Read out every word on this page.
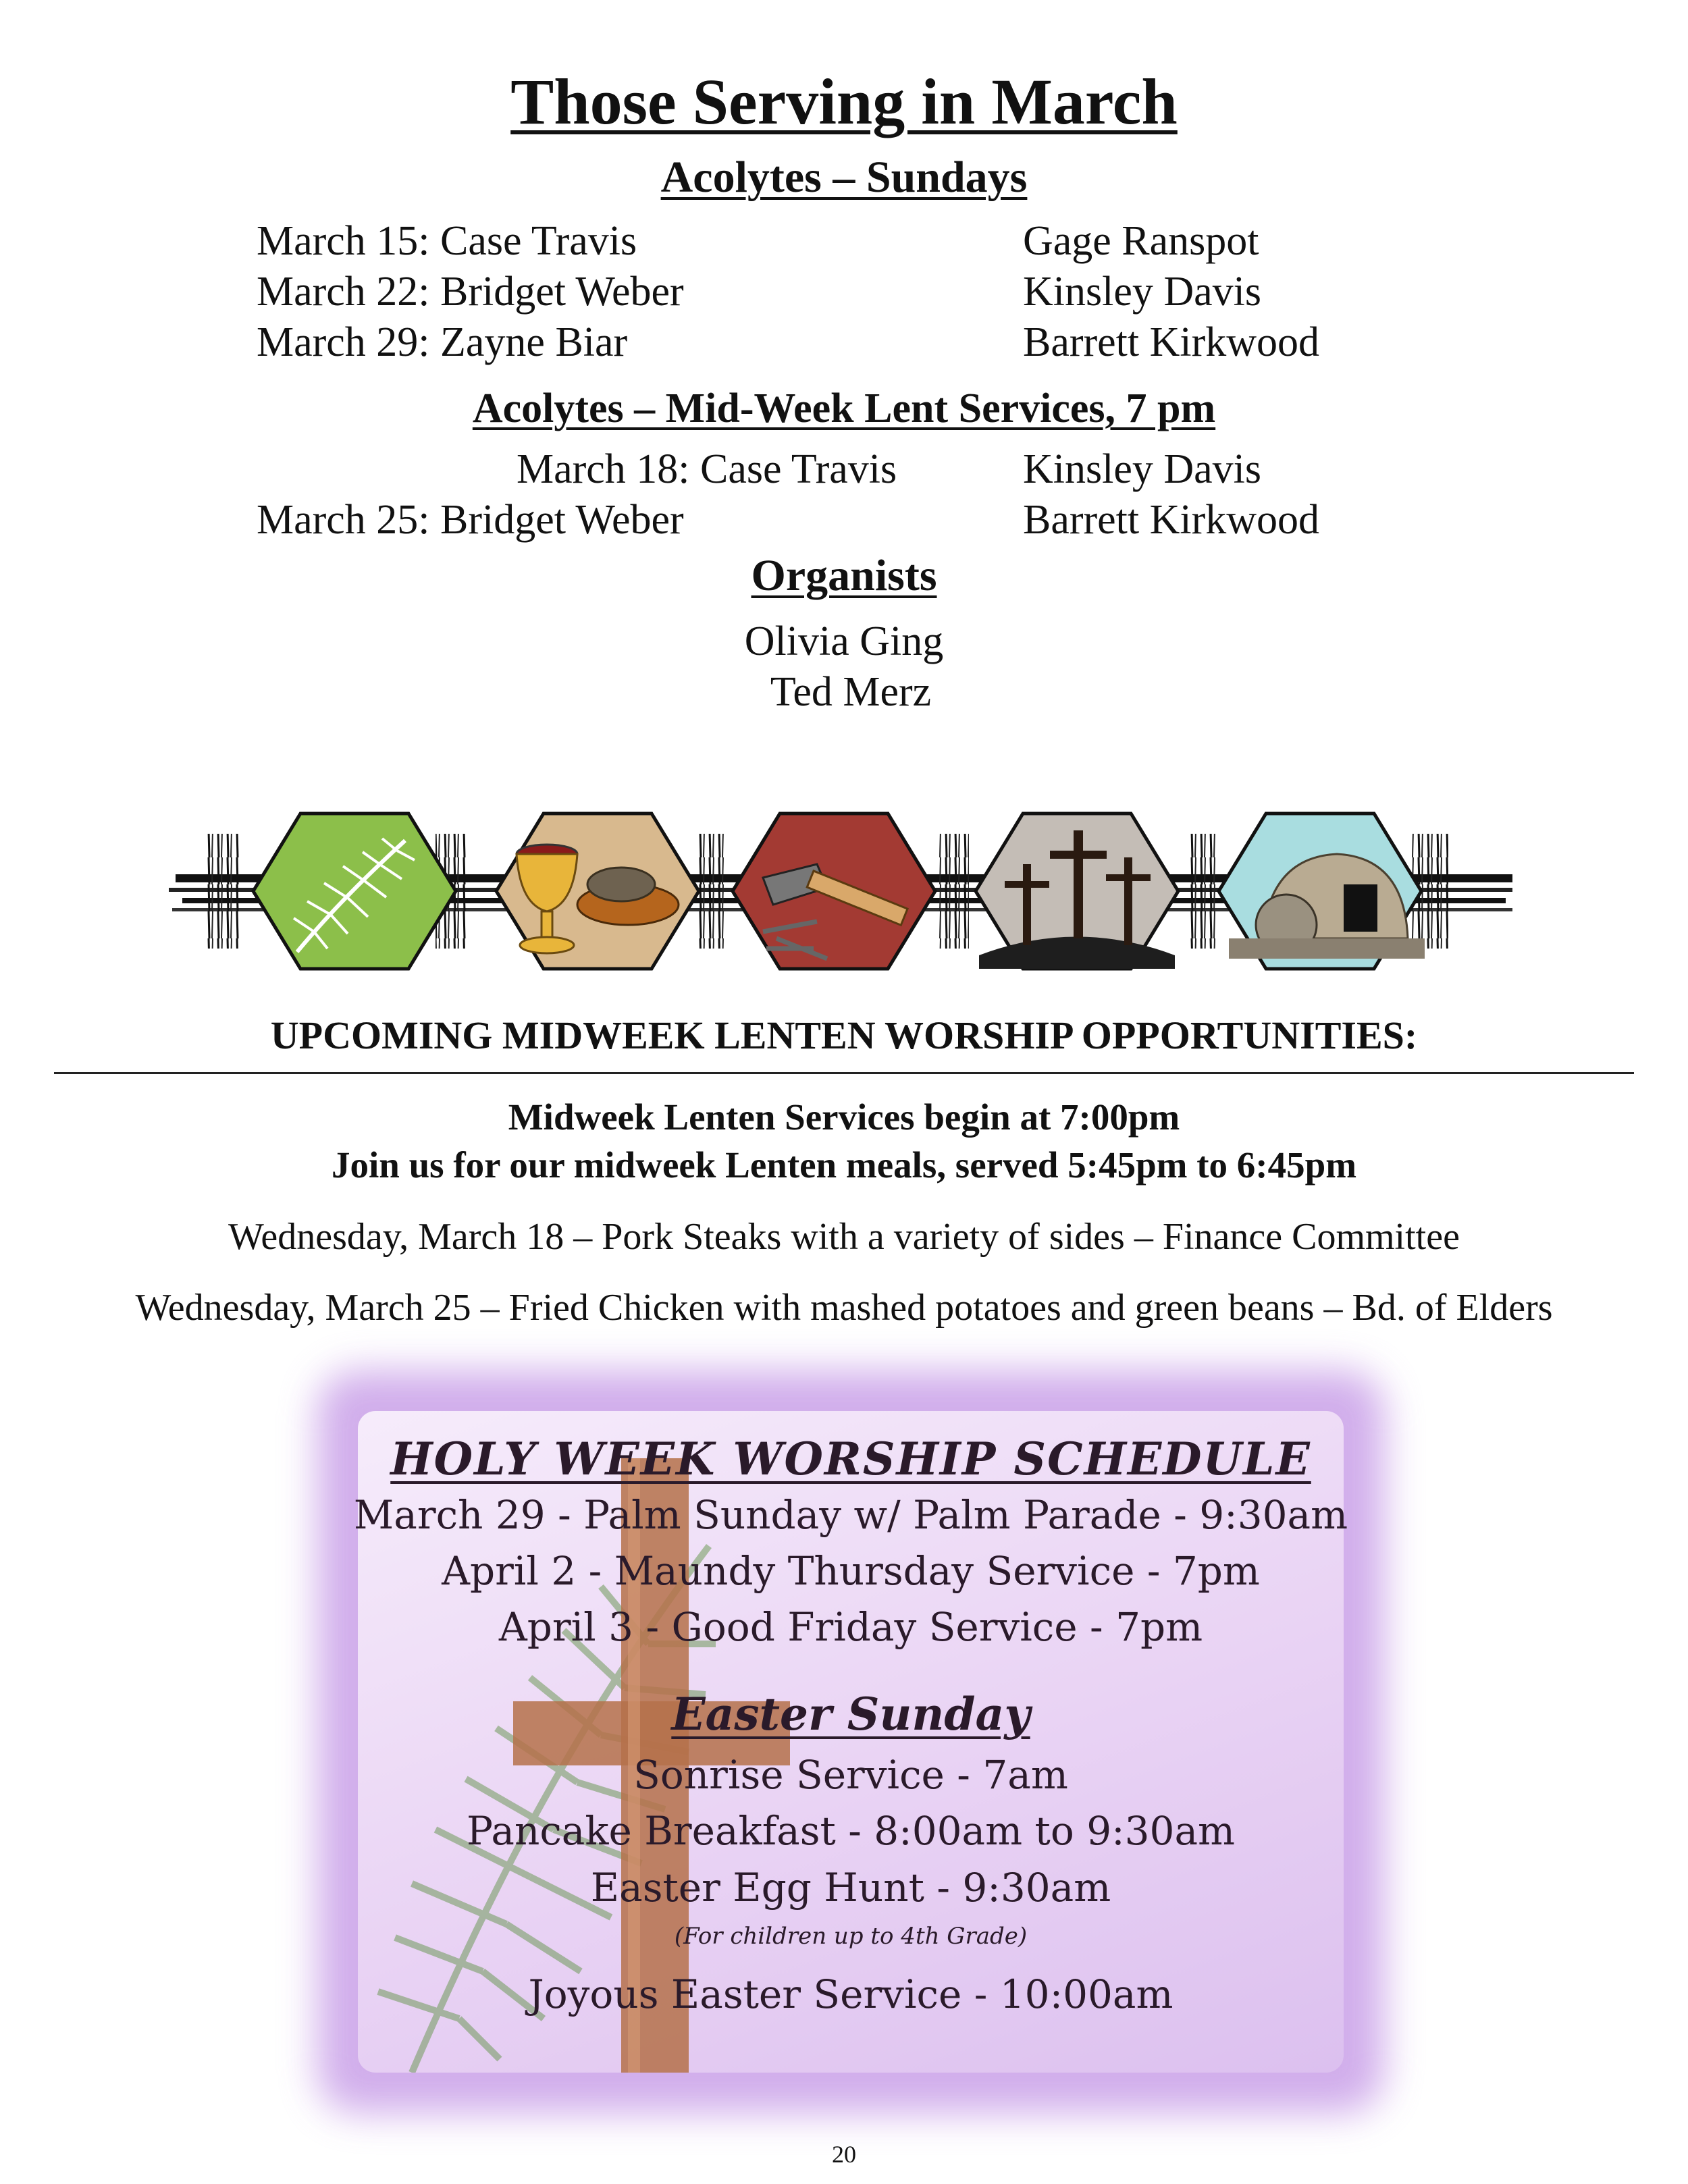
Those Serving in March
Acolytes – Sundays
March 15: Case Travis	Gage Ranspot
March 22: Bridget Weber	Kinsley Davis
March 29: Zayne Biar	Barrett Kirkwood
Acolytes – Mid-Week Lent Services, 7 pm
March 18: Case Travis	Kinsley Davis
March 25: Bridget Weber	Barrett Kirkwood
Organists
Olivia Ging
Ted Merz
UPCOMING MIDWEEK LENTEN WORSHIP OPPORTUNITIES:
Midweek Lenten Services begin at 7:00pm
Join us for our midweek Lenten meals, served 5:45pm to 6:45pm
Wednesday, March 18 – Pork Steaks with a variety of sides – Finance Committee
Wednesday, March 25 – Fried Chicken with mashed potatoes and green beans – Bd. of Elders
HOLY WEEK WORSHIP SCHEDULE
March 29 - Palm Sunday w/ Palm Parade - 9:30am
April 2 - Maundy Thursday Service - 7pm
April 3 - Good Friday Service - 7pm
Easter Sunday
Sonrise Service - 7am
Pancake Breakfast - 8:00am to 9:30am
Easter Egg Hunt - 9:30am
(For children up to 4th Grade)
Joyous Easter Service - 10:00am
20
